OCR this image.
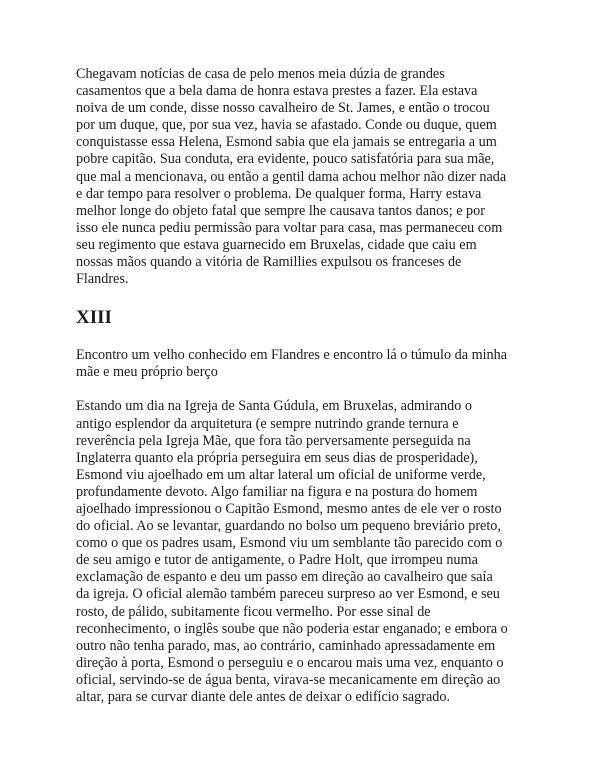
Chegavam notícias de casa de pelo menos meia dúzia de grandes
casamentos que a bela dama de honra estava prestes a fazer. Ela estava
noiva de um conde, disse nosso cavalheiro de St. James, e então o trocou
por um duque, que, por sua vez, havia se afastado. Conde ou duque, quem
conquistasse essa Helena, Esmond sabia que ela jamais se entregaria a um
pobre capitão. Sua conduta, era evidente, pouco satisfatória para sua mãe,
que mal a mencionava, ou então a gentil dama achou melhor não dizer nada
e dar tempo para resolver o problema. De qualquer forma, Harry estava
melhor longe do objeto fatal que sempre lhe causava tantos danos; e por
isso ele nunca pediu permissão para voltar para casa, mas permaneceu com
seu regimento que estava guarnecido em Bruxelas, cidade que caiu em
nossas mãos quando a vitória de Ramillies expulsou os franceses de
Flandres.

XIII

Encontro um velho conhecido em Flandres e encontro lá o túmulo da minha
mãe e meu próprio berço

Estando um dia na Igreja de Santa Gúdula, em Bruxelas, admirando o
antigo esplendor da arquitetura (e sempre nutrindo grande ternura e
reverência pela Igreja Mãe, que fora tão perversamente perseguida na
Inglaterra quanto ela própria perseguira em seus dias de prosperidade),
Esmond viu ajoelhado em um altar lateral um oficial de uniforme verde,
profundamente devoto. Algo familiar na figura e na postura do homem
ajoelhado impressionou o Capitão Esmond, mesmo antes de ele ver o rosto
do oficial. Ao se levantar, guardando no bolso um pequeno breviário preto,
como o que os padres usam, Esmond viu um semblante tão parecido com o
de seu amigo e tutor de antigamente, o Padre Holt, que irrompeu numa
exclamação de espanto e deu um passo em direção ao cavalheiro que saía
da igreja. O oficial alemão também pareceu surpreso ao ver Esmond, e seu
rosto, de pálido, subitamente ficou vermelho. Por esse sinal de
reconhecimento, o inglês soube que não poderia estar enganado; e embora o
outro não tenha parado, mas, ao contrário, caminhado apressadamente em
direção à porta, Esmond o perseguiu e o encarou mais uma vez, enquanto o
oficial, servindo-se de água benta, virava-se mecanicamente em direção ao
altar, para se curvar diante dele antes de deixar o edifício sagrado.
